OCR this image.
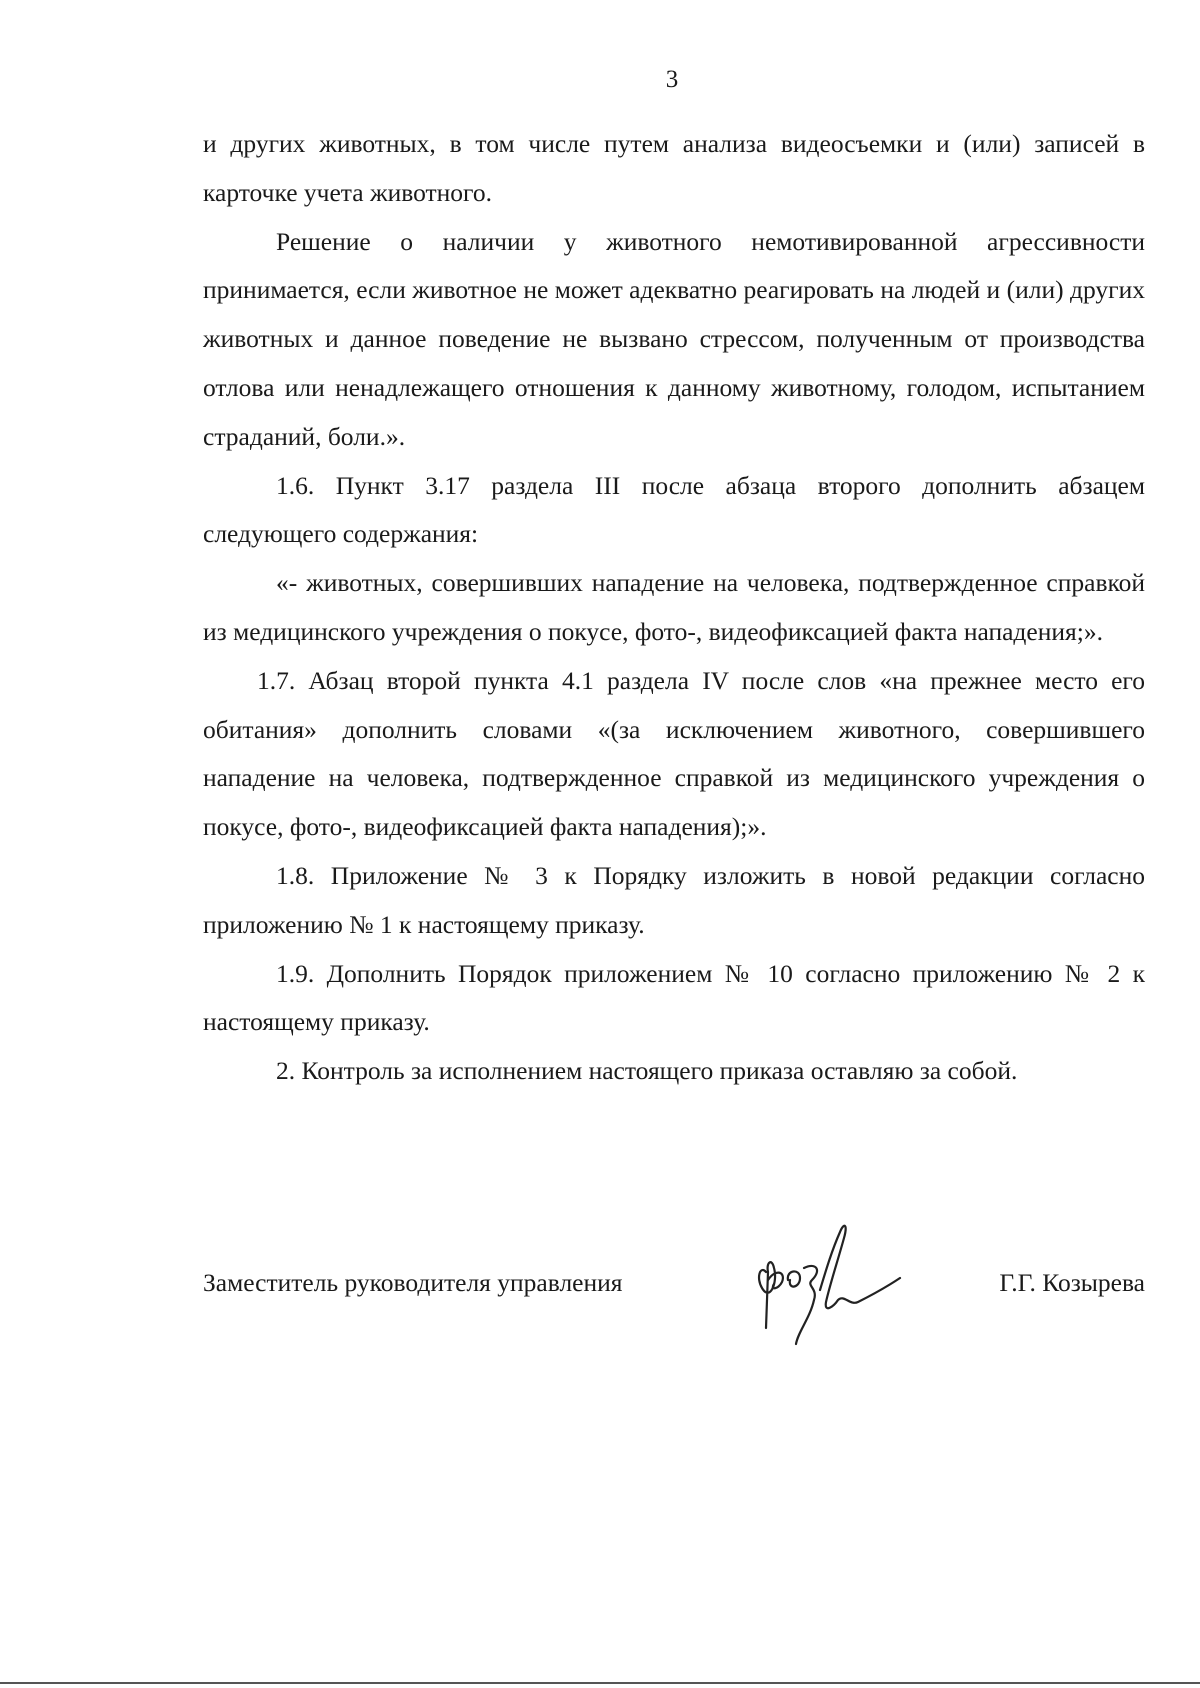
3

и других животных, в том числе путем анализа видеосъемки и (или) записей в карточке учета животного.

Решение о наличии у животного немотивированной агрессивности принимается, если животное не может адекватно реагировать на людей и (или) других животных и данное поведение не вызвано стрессом, полученным от производства отлова или ненадлежащего отношения к данному животному, голодом, испытанием страданий, боли.».

1.6. Пункт 3.17 раздела III после абзаца второго дополнить абзацем следующего содержания:

«- животных, совершивших нападение на человека, подтвержденное справкой из медицинского учреждения о покусе, фото-, видеофиксацией факта нападения;».

1.7. Абзац второй пункта 4.1 раздела IV после слов «на прежнее место его обитания» дополнить словами «(за исключением животного, совершившего нападение на человека, подтвержденное справкой из медицинского учреждения о покусе, фото-, видеофиксацией факта нападения);».

1.8. Приложение № 3 к Порядку изложить в новой редакции согласно приложению № 1 к настоящему приказу.

1.9. Дополнить Порядок приложением № 10 согласно приложению № 2 к настоящему приказу.

2. Контроль за исполнением настоящего приказа оставляю за собой.

Заместитель руководителя управления	Г.Г. Козырева
